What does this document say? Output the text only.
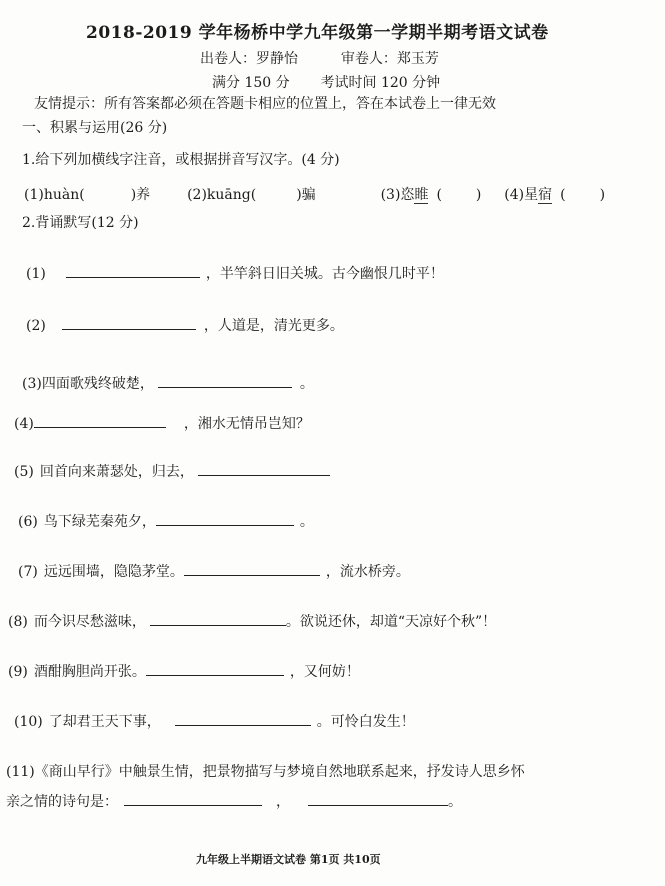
2018-2019 学年杨桥中学九年级第一学期半期考语文试卷
出卷人：罗静怡	审卷人：郑玉芳
满分 150 分 考试时间 120 分钟
友情提示：所有答案都必须在答题卡相应的位置上，答在本试卷上一律无效
一、积累与运用(26 分)
1.给下列加横线字注音，或根据拼音写汉字。(4 分)
(1)huàn(	)养	(2)kuāng(	)骗	(3)恣睢 ( ) (4)星宿 ( )
2.背诵默写(12 分)
(1)	，半竿斜日旧关城。古今幽恨几时平！
(2)	，人道是，清光更多。
(3)四面歌残终破楚，	。
(4)	，湘水无情吊岂知？
(5) 回首向来萧瑟处，归去，
(6) 鸟下绿芜秦苑夕，	。
(7) 远远围墙，隐隐茅堂。	，流水桥旁。
(8) 而今识尽愁滋味，	。欲说还休，却道“天凉好个秋”！
(9) 酒酣胸胆尚开张。	，又何妨！
(10) 了却君王天下事，	。可怜白发生！
(11)《商山早行》中触景生情，把景物描写与梦境自然地联系起来，抒发诗人思乡怀
亲之情的诗句是：	，	。
九年级上半期语文试卷 第1页 共10页
